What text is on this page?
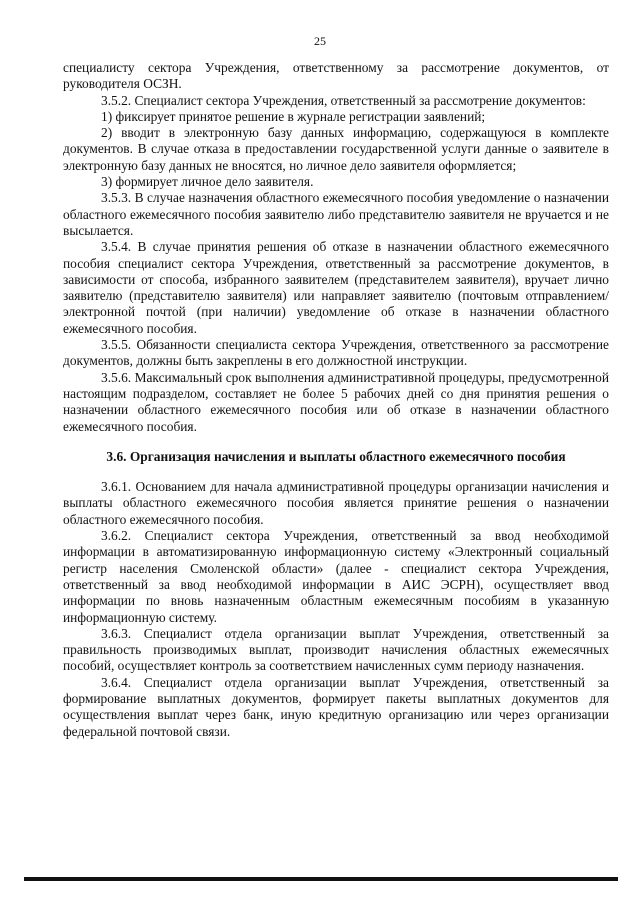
25

специалисту сектора Учреждения, ответственному за рассмотрение документов, от руководителя ОСЗН.

3.5.2. Специалист сектора Учреждения, ответственный за рассмотрение документов:

1) фиксирует принятое решение в журнале регистрации заявлений;

2) вводит в электронную базу данных информацию, содержащуюся в комплекте документов. В случае отказа в предоставлении государственной услуги данные о заявителе в электронную базу данных не вносятся, но личное дело заявителя оформляется;

3) формирует личное дело заявителя.

3.5.3. В случае назначения областного ежемесячного пособия уведомление о назначении областного ежемесячного пособия заявителю либо представителю заявителя не вручается и не высылается.

3.5.4. В случае принятия решения об отказе в назначении областного ежемесячного пособия специалист сектора Учреждения, ответственный за рассмотрение документов, в зависимости от способа, избранного заявителем (представителем заявителя), вручает лично заявителю (представителю заявителя) или направляет заявителю (почтовым отправлением/электронной почтой (при наличии) уведомление об отказе в назначении областного ежемесячного пособия.

3.5.5. Обязанности специалиста сектора Учреждения, ответственного за рассмотрение документов, должны быть закреплены в его должностной инструкции.

3.5.6. Максимальный срок выполнения административной процедуры, предусмотренной настоящим подразделом, составляет не более 5 рабочих дней со дня принятия решения о назначении областного ежемесячного пособия или об отказе в назначении областного ежемесячного пособия.

3.6. Организация начисления и выплаты областного ежемесячного пособия

3.6.1. Основанием для начала административной процедуры организации начисления и выплаты областного ежемесячного пособия является принятие решения о назначении областного ежемесячного пособия.

3.6.2. Специалист сектора Учреждения, ответственный за ввод необходимой информации в автоматизированную информационную систему «Электронный социальный регистр населения Смоленской области» (далее - специалист сектора Учреждения, ответственный за ввод необходимой информации в АИС ЭСРН), осуществляет ввод информации по вновь назначенным областным ежемесячным пособиям в указанную информационную систему.

3.6.3. Специалист отдела организации выплат Учреждения, ответственный за правильность производимых выплат, производит начисления областных ежемесячных пособий, осуществляет контроль за соответствием начисленных сумм периоду назначения.

3.6.4. Специалист отдела организации выплат Учреждения, ответственный за формирование выплатных документов, формирует пакеты выплатных документов для осуществления выплат через банк, иную кредитную организацию или через организации федеральной почтовой связи.
